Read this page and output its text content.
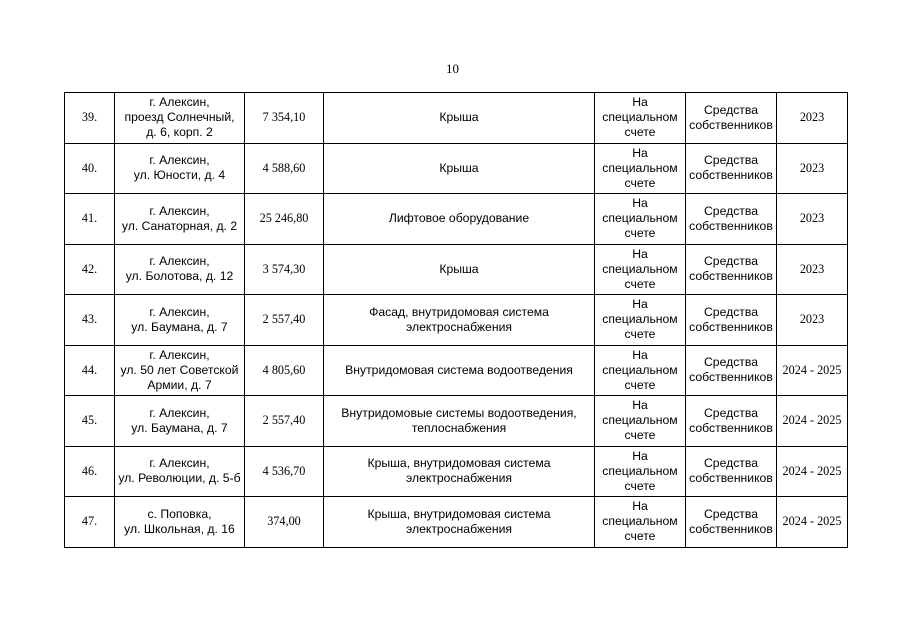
10
39.	г. Алексин,
проезд Солнечный,
д. 6, корп. 2	7 354,10	Крыша	На
специальном
счете	Средства
собственников	2023

40.	г. Алексин,
ул. Юности, д. 4	4 588,60	Крыша	На
специальном
счете	Средства
собственников	2023

41.	г. Алексин,
ул. Санаторная, д. 2	25 246,80	Лифтовое оборудование	На
специальном
счете	Средства
собственников	2023

42.	г. Алексин,
ул. Болотова, д. 12	3 574,30	Крыша	На
специальном
счете	Средства
собственников	2023

43.	г. Алексин,
ул. Баумана, д. 7	2 557,40	Фасад, внутридомовая система
электроснабжения	На
специальном
счете	Средства
собственников	2023

44.	г. Алексин,
ул. 50 лет Советской
Армии, д. 7	4 805,60	Внутридомовая система водоотведения	На
специальном
счете	Средства
собственников	2024 - 2025

45.	г. Алексин,
ул. Баумана, д. 7	2 557,40	Внутридомовые системы водоотведения,
теплоснабжения	На
специальном
счете	Средства
собственников	2024 - 2025

46.	г. Алексин,
ул. Революции, д. 5-б	4 536,70	Крыша, внутридомовая система
электроснабжения	На
специальном
счете	Средства
собственников	2024 - 2025

47.	с. Поповка,
ул. Школьная, д. 16	374,00	Крыша, внутридомовая система
электроснабжения	На
специальном
счете	Средства
собственников	2024 - 2025
